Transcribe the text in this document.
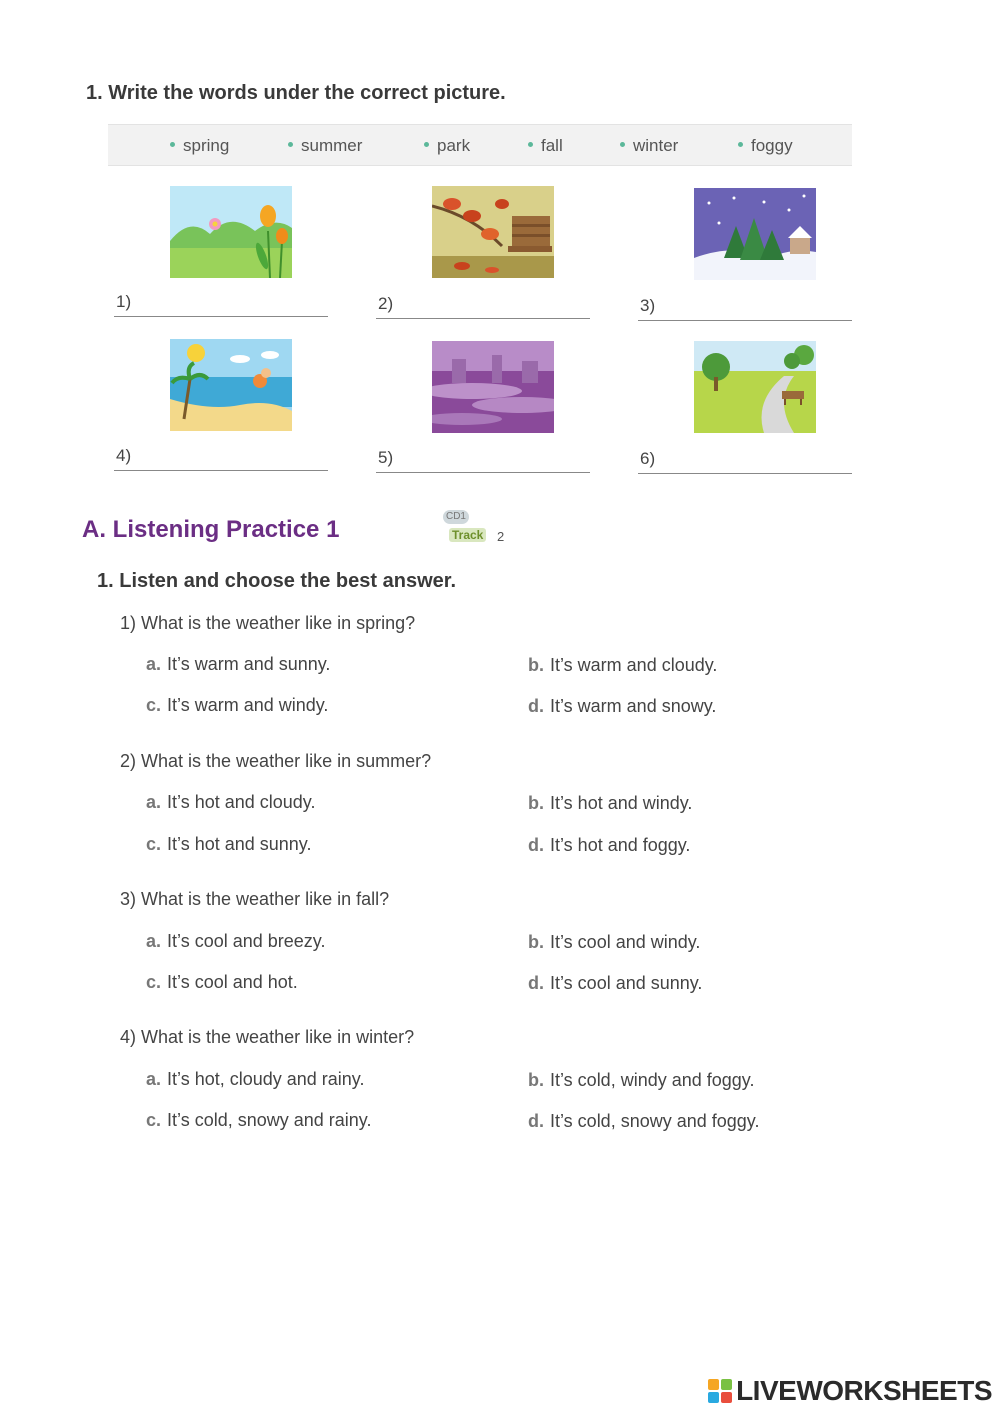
1. Write the words under the correct picture.
spring	summer	park	fall	winter	foggy
1)	2)	3)
4)	5)	6)
A. Listening Practice 1	CD1
Track 2
1. Listen and choose the best answer.
1) What is the weather like in spring?
a. It’s warm and sunny.	b. It’s warm and cloudy.
c. It’s warm and windy.	d. It’s warm and snowy.
2) What is the weather like in summer?
a. It’s hot and cloudy.	b. It’s hot and windy.
c. It’s hot and sunny.	d. It’s hot and foggy.
3) What is the weather like in fall?
a. It’s cool and breezy.	b. It’s cool and windy.
c. It’s cool and hot.	d. It’s cool and sunny.
4) What is the weather like in winter?
a. It’s hot, cloudy and rainy.	b. It’s cold, windy and foggy.
c. It’s cold, snowy and rainy.	d. It’s cold, snowy and foggy.
LIVEWORKSHEETS
